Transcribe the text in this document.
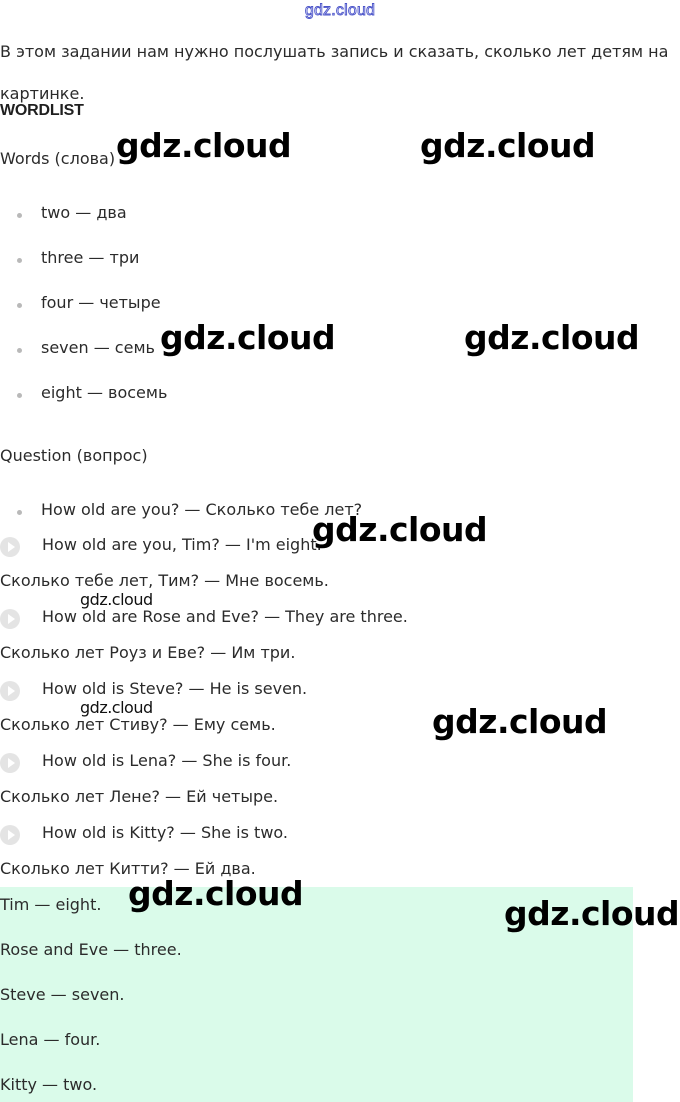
gdz.cloud
В этом задании нам нужно послушать запись и сказать, сколько лет детям на картинке.
WORDLIST
Words (слова)
two — два
three — три
four — четыре
seven — семь
eight — восемь
Question (вопрос)
How old are you? — Сколько тебе лет?
How old are you, Tim? — I'm eight.
Сколько тебе лет, Тим? — Мне восемь.
How old are Rose and Eve? — They are three.
Сколько лет Роуз и Еве? — Им три.
How old is Steve? — He is seven.
Сколько лет Стиву? — Ему семь.
How old is Lena? — She is four.
Сколько лет Лене? — Ей четыре.
How old is Kitty? — She is two.
Сколько лет Китти? — Ей два.
Tim — eight.
Rose and Eve — three.
Steve — seven.
Lena — four.
Kitty — two.
gdz.cloud	gdz.cloud
gdz.cloud	gdz.cloud
gdz.cloud
gdz.cloud
gdz.cloud	gdz.cloud
gdz.cloud
gdz.cloud
